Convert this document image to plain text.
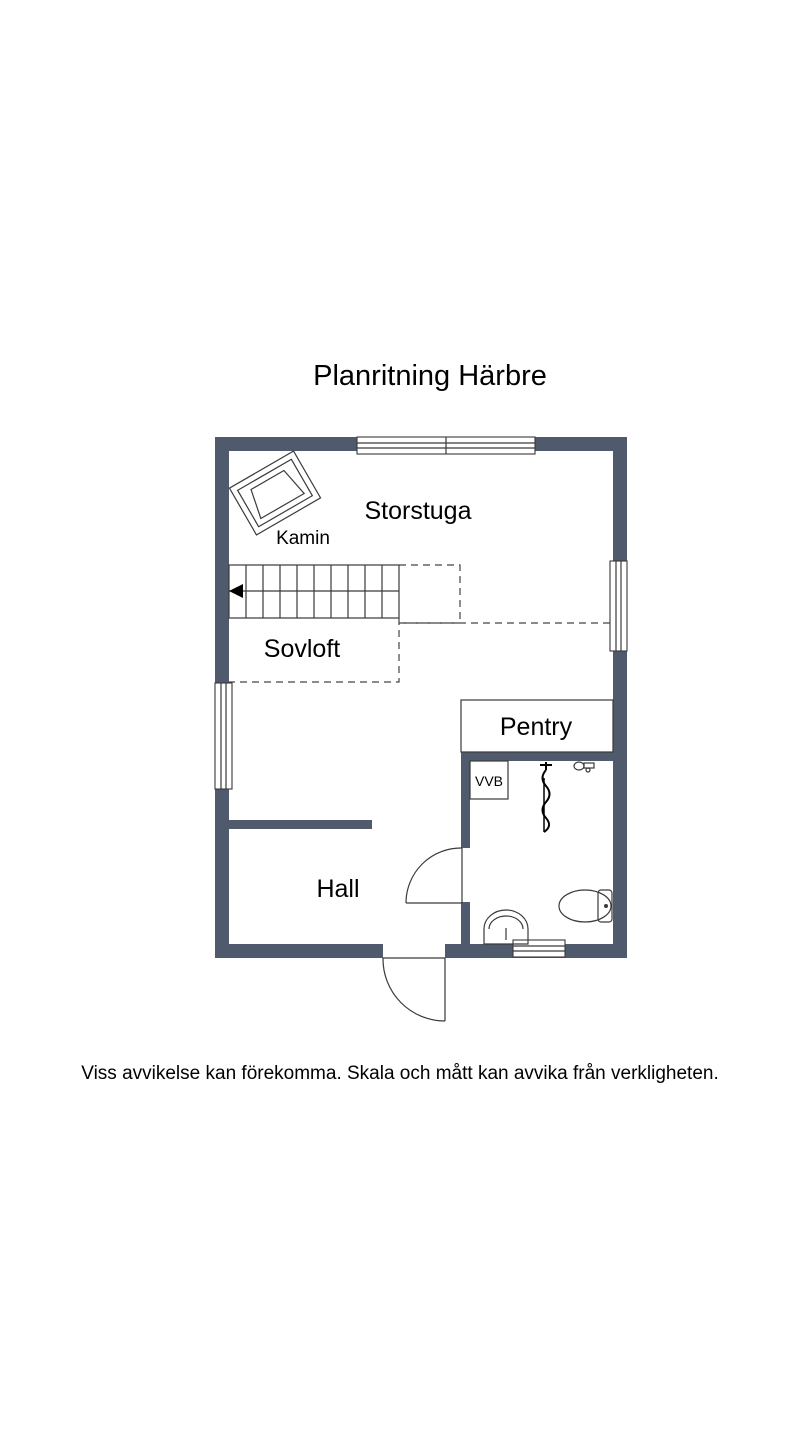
Planritning Härbre
Storstuga
Kamin
Sovloft
Pentry
VVB
Hall
Viss avvikelse kan förekomma. Skala och mått kan avvika från verkligheten.
